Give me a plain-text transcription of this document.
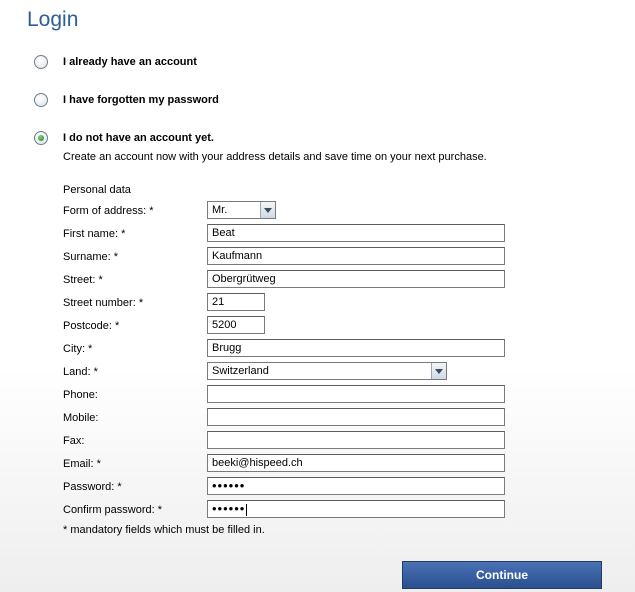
Login
I already have an account
I have forgotten my password
I do not have an account yet.
Create an account now with your address details and save time on your next purchase.
Personal data
Form of address: *	Mr.
First name: *	Beat
Surname: *	Kaufmann
Street: *	Obergrütweg
Street number: *	21
Postcode: *	5200
City: *	Brugg
Land: *	Switzerland
Phone:
Mobile:
Fax:
Email: *	beeki@hispeed.ch
Password: *	••••••
Confirm password: *	••••••
* mandatory fields which must be filled in.
Continue
